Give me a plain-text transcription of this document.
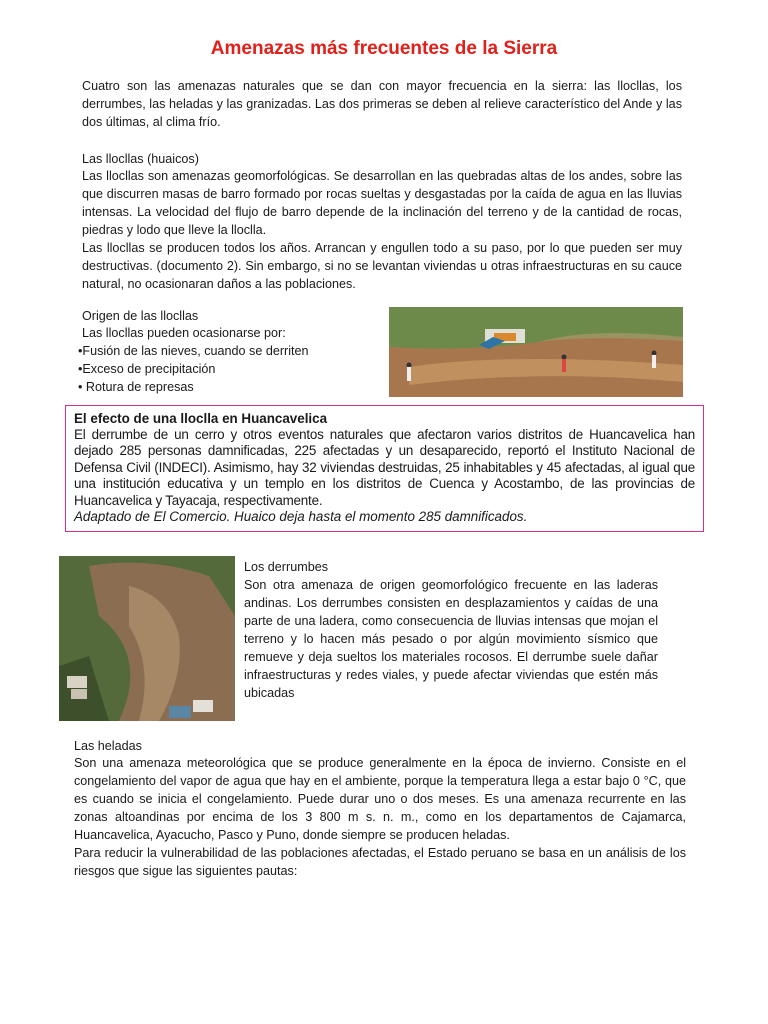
Amenazas más frecuentes de la Sierra

Cuatro son las amenazas naturales que se dan con mayor frecuencia en la sierra: las llocllas, los derrumbes, las heladas y las granizadas. Las dos primeras se deben al relieve característico del Ande y las dos últimas, al clima frío.

Las llocllas (huaicos)

Las llocllas son amenazas geomorfológicas. Se desarrollan en las quebradas altas de los andes, sobre las que discurren masas de barro formado por rocas sueltas y desgastadas por la caída de agua en las lluvias intensas. La velocidad del flujo de barro depende de la inclinación del terreno y de la cantidad de rocas, piedras y lodo que lleve la lloclla.

Las llocllas se producen todos los años. Arrancan y engullen todo a su paso, por lo que pueden ser muy destructivas. (documento 2). Sin embargo, si no se levantan viviendas u otras infraestructuras en su cauce natural, no ocasionaran daños a las poblaciones.

Origen de las llocllas

Las llocllas pueden ocasionarse por:
•Fusión de las nieves, cuando se derriten
•Exceso de precipitación
• Rotura de represas

El efecto de una lloclla en Huancavelica

El derrumbe de un cerro y otros eventos naturales que afectaron varios distritos de Huancavelica han dejado 285 personas damnificadas, 225 afectadas y un desaparecido, reportó el Instituto Nacional de Defensa Civil (INDECI). Asimismo, hay 32 viviendas destruidas, 25 inhabitables y 45 afectadas, al igual que una institución educativa y un templo en los distritos de Cuenca y Acostambo, de las provincias de Huancavelica y Tayacaja, respectivamente.

Adaptado de El Comercio. Huaico deja hasta el momento 285 damnificados.

Los derrumbes

Son otra amenaza de origen geomorfológico frecuente en las laderas andinas. Los derrumbes consisten en desplazamientos y caídas de una parte de una ladera, como consecuencia de lluvias intensas que mojan el terreno y lo hacen más pesado o por algún movimiento sísmico que remueve y deja sueltos los materiales rocosos. El derrumbe suele dañar infraestructuras y redes viales, y puede afectar viviendas que estén más ubicadas

Las heladas

Son una amenaza meteorológica que se produce generalmente en la época de invierno. Consiste en el congelamiento del vapor de agua que hay en el ambiente, porque la temperatura llega a estar bajo 0 °C, que es cuando se inicia el congelamiento. Puede durar uno o dos meses. Es una amenaza recurrente en las zonas altoandinas por encima de los 3 800 m s. n. m., como en los departamentos de Cajamarca, Huancavelica, Ayacucho, Pasco y Puno, donde siempre se producen heladas.

Para reducir la vulnerabilidad de las poblaciones afectadas, el Estado peruano se basa en un análisis de los riesgos que sigue las siguientes pautas:
